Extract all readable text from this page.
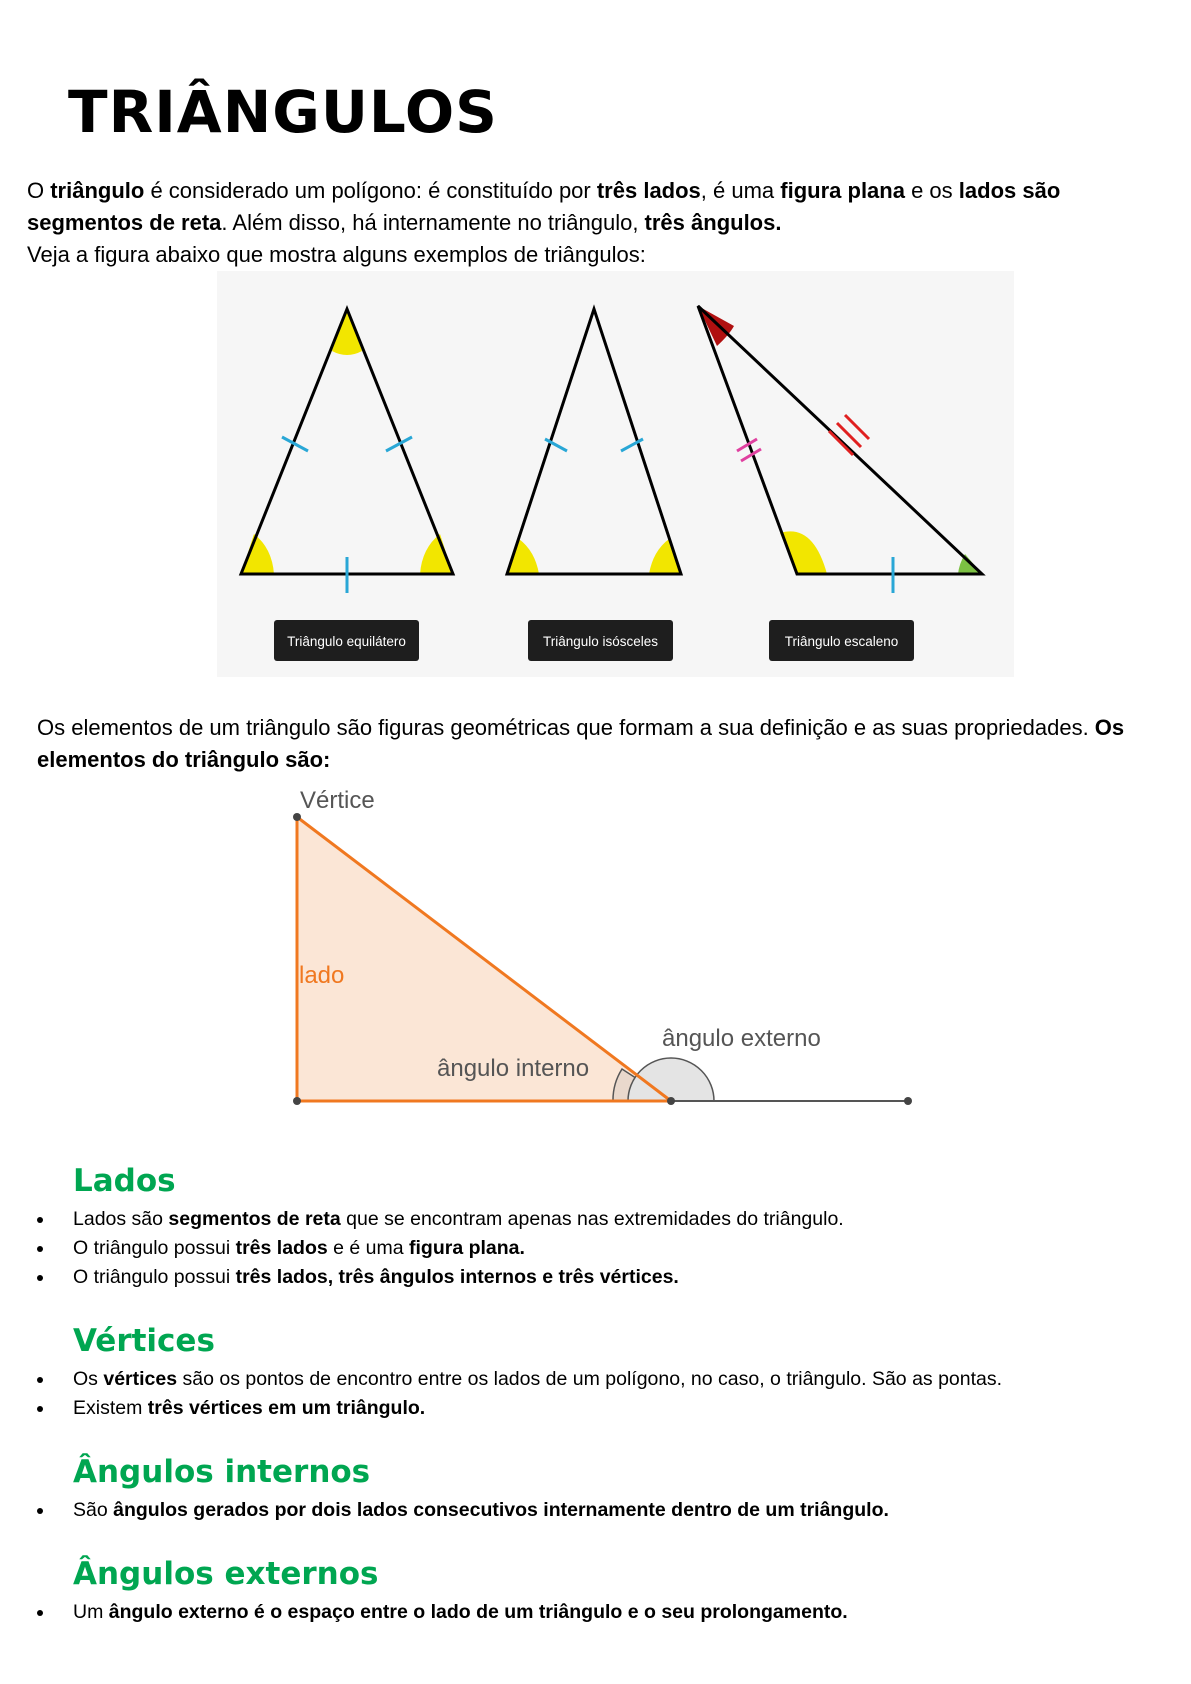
TRIÂNGULOS

O triângulo é considerado um polígono: é constituído por três lados, é uma figura plana e os lados são segmentos de reta. Além disso, há internamente no triângulo, três ângulos.

Veja a figura abaixo que mostra alguns exemplos de triângulos:

Triângulo equilátero	Triângulo isósceles	Triângulo escaleno

Os elementos de um triângulo são figuras geométricas que formam a sua definição e as suas propriedades. Os elementos do triângulo são:

Vértice
lado
ângulo interno
ângulo externo
Lados
Lados são segmentos de reta que se encontram apenas nas extremidades do triângulo.
O triângulo possui três lados e é uma figura plana.
O triângulo possui três lados, três ângulos internos e três vértices.
Vértices
Os vértices são os pontos de encontro entre os lados de um polígono, no caso, o triângulo. São as pontas.
Existem três vértices em um triângulo.
Ângulos internos
São ângulos gerados por dois lados consecutivos internamente dentro de um triângulo.
Ângulos externos
Um ângulo externo é o espaço entre o lado de um triângulo e o seu prolongamento.
